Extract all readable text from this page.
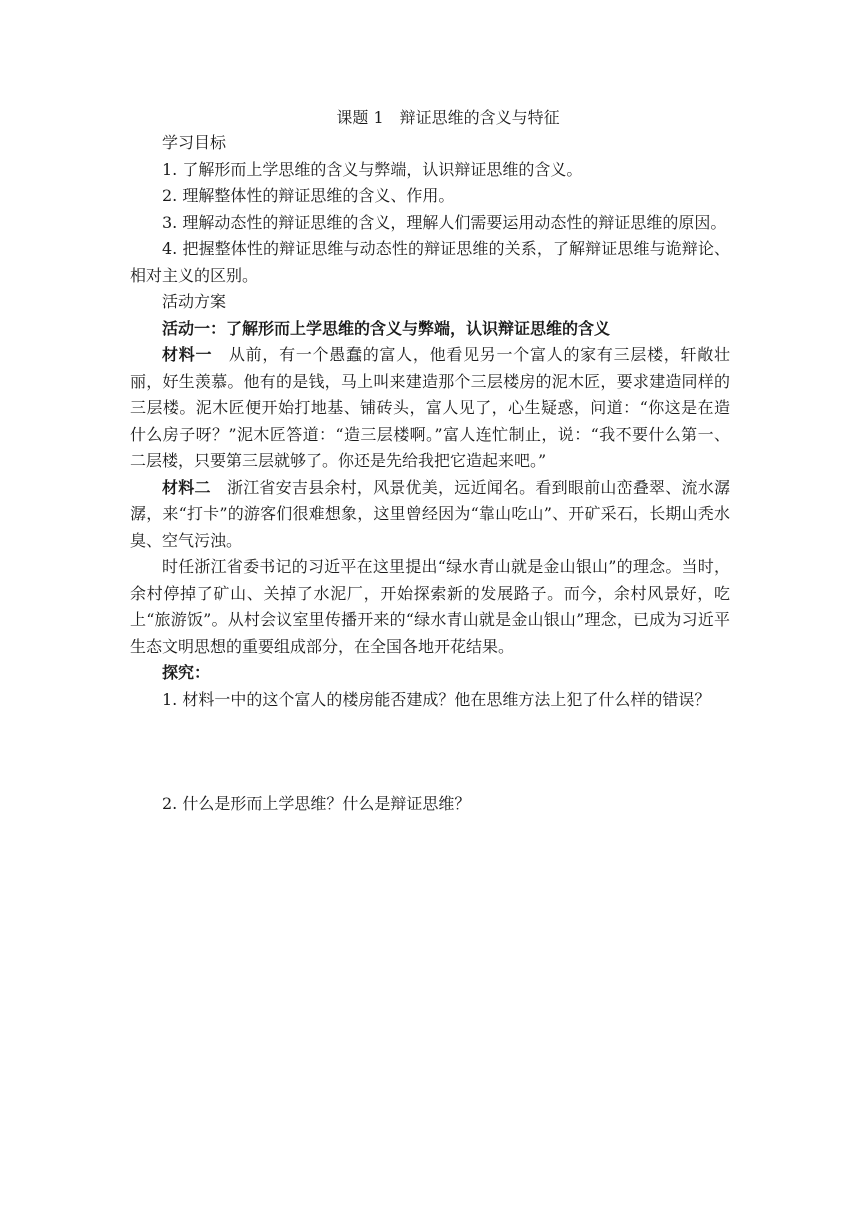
课题 1　辩证思维的含义与特征

学习目标

1. 了解形而上学思维的含义与弊端，认识辩证思维的含义。

2. 理解整体性的辩证思维的含义、作用。

3. 理解动态性的辩证思维的含义，理解人们需要运用动态性的辩证思维的原因。

4. 把握整体性的辩证思维与动态性的辩证思维的关系，了解辩证思维与诡辩论、相对主义的区别。

活动方案

活动一：了解形而上学思维的含义与弊端，认识辩证思维的含义

材料一　从前，有一个愚蠢的富人，他看见另一个富人的家有三层楼，轩敞壮丽，好生羡慕。他有的是钱，马上叫来建造那个三层楼房的泥木匠，要求建造同样的三层楼。泥木匠便开始打地基、铺砖头，富人见了，心生疑惑，问道：“你这是在造什么房子呀？”泥木匠答道：“造三层楼啊。”富人连忙制止，说：“我不要什么第一、二层楼，只要第三层就够了。你还是先给我把它造起来吧。”

材料二　浙江省安吉县余村，风景优美，远近闻名。看到眼前山峦叠翠、流水潺潺，来“打卡”的游客们很难想象，这里曾经因为“靠山吃山”、开矿采石，长期山秃水臭、空气污浊。

时任浙江省委书记的习近平在这里提出“绿水青山就是金山银山”的理念。当时，余村停掉了矿山、关掉了水泥厂，开始探索新的发展路子。而今，余村风景好，吃上“旅游饭”。从村会议室里传播开来的“绿水青山就是金山银山”理念，已成为习近平生态文明思想的重要组成部分，在全国各地开花结果。

探究：

1. 材料一中的这个富人的楼房能否建成？他在思维方法上犯了什么样的错误？

2. 什么是形而上学思维？什么是辩证思维？
